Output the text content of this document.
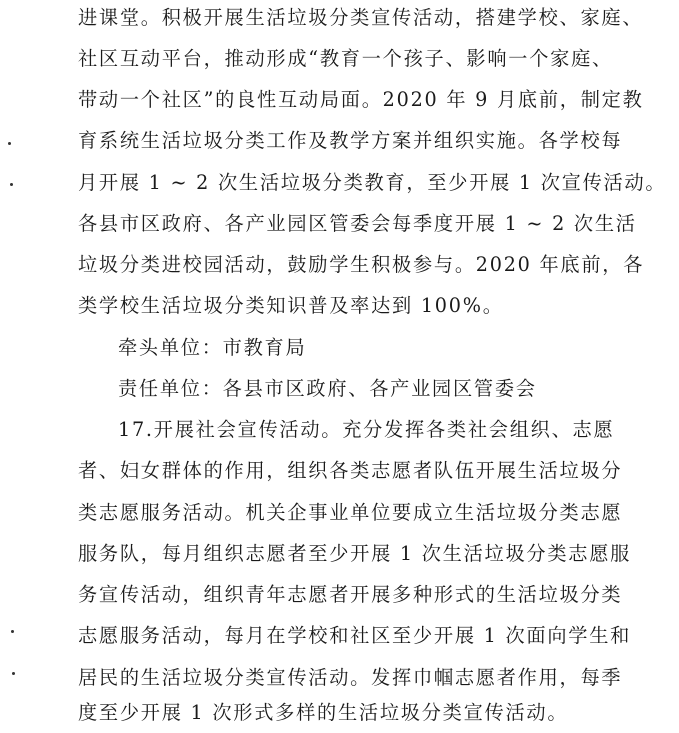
进课堂。积极开展生活垃圾分类宣传活动，搭建学校、家庭、
社区互动平台，推动形成“教育一个孩子、影响一个家庭、
带动一个社区”的良性互动局面。2020 年 9 月底前，制定教
育系统生活垃圾分类工作及教学方案并组织实施。各学校每
月开展 1 ~ 2 次生活垃圾分类教育，至少开展 1 次宣传活动。
各县市区政府、各产业园区管委会每季度开展 1 ~ 2 次生活
垃圾分类进校园活动，鼓励学生积极参与。2020 年底前，各
类学校生活垃圾分类知识普及率达到 100%。
牵头单位：市教育局
责任单位：各县市区政府、各产业园区管委会
17.开展社会宣传活动。充分发挥各类社会组织、志愿
者、妇女群体的作用，组织各类志愿者队伍开展生活垃圾分
类志愿服务活动。机关企事业单位要成立生活垃圾分类志愿
服务队，每月组织志愿者至少开展 1 次生活垃圾分类志愿服
务宣传活动，组织青年志愿者开展多种形式的生活垃圾分类
志愿服务活动，每月在学校和社区至少开展 1 次面向学生和
居民的生活垃圾分类宣传活动。发挥巾帼志愿者作用，每季
度至少开展 1 次形式多样的生活垃圾分类宣传活动。
